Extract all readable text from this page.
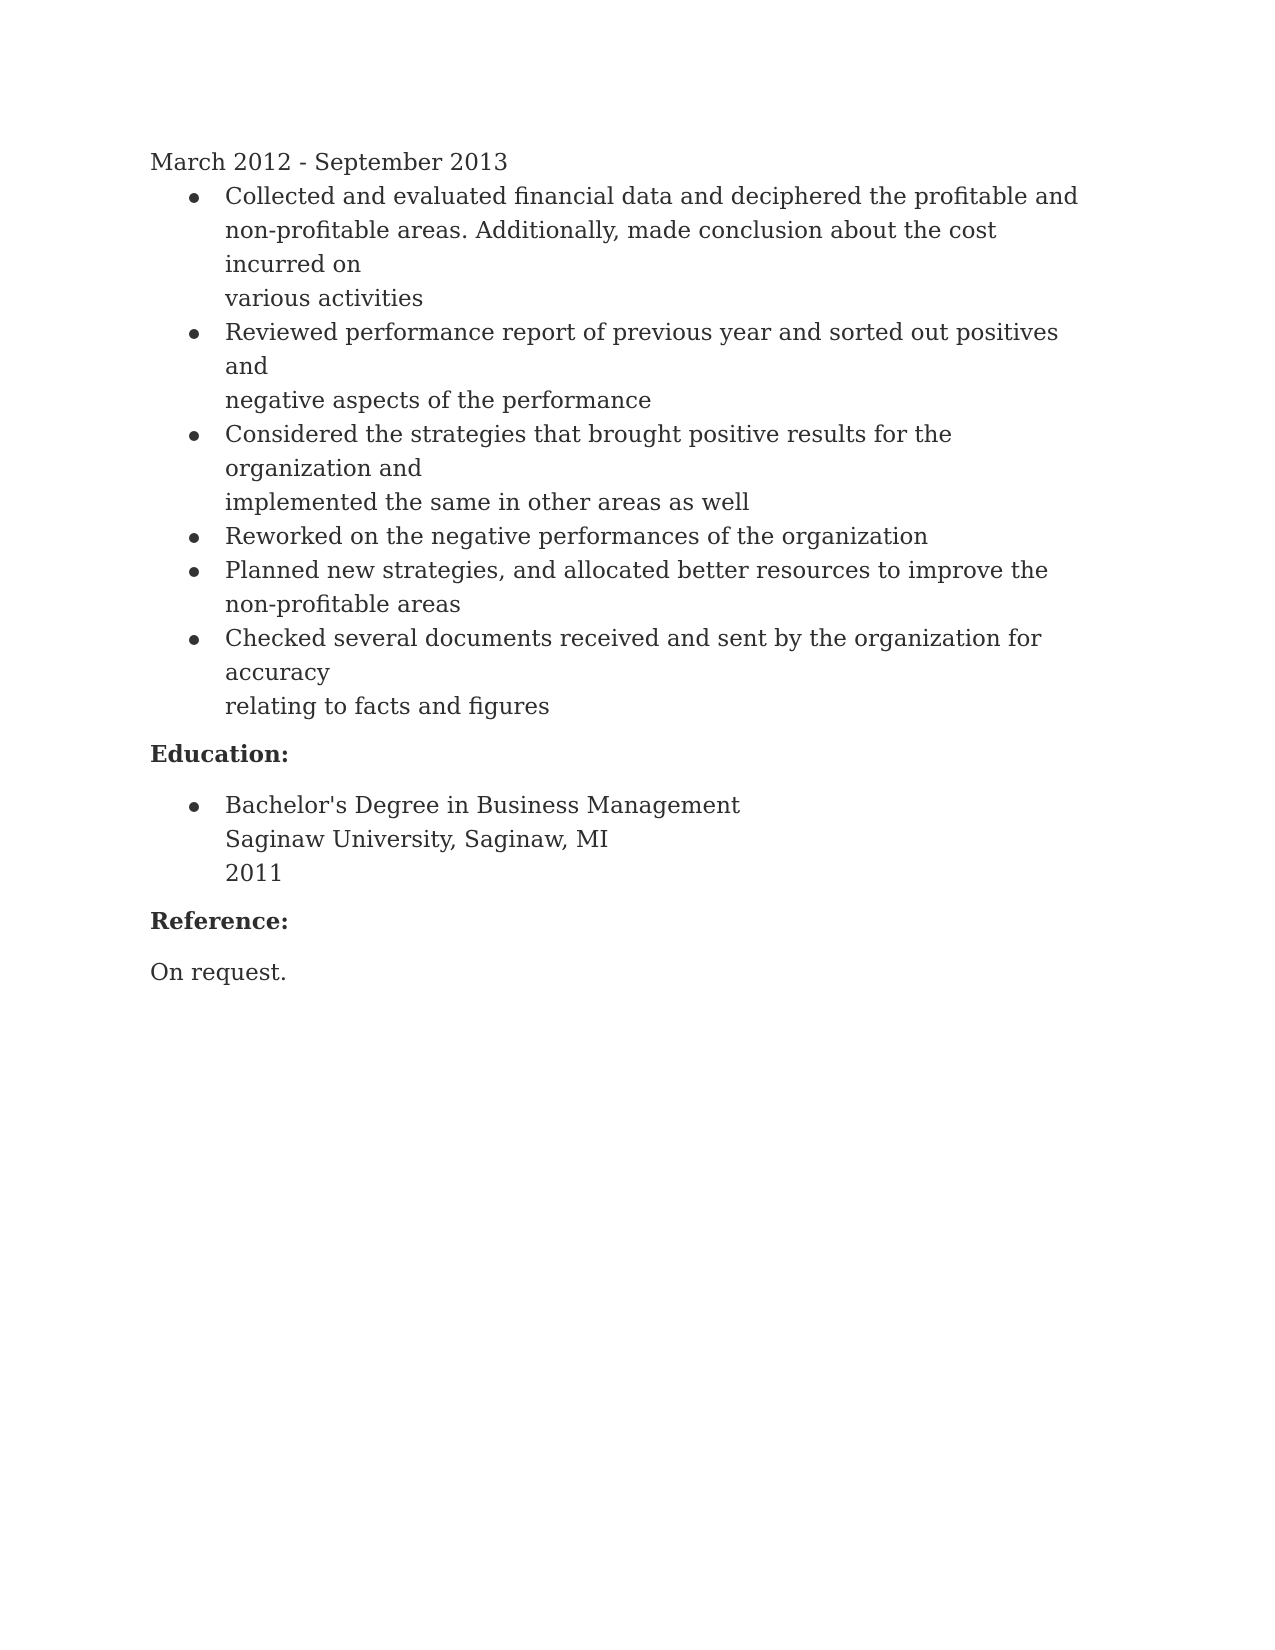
March 2012 - September 2013

Collected and evaluated financial data and deciphered the profitable and
non-profitable areas. Additionally, made conclusion about the cost incurred on
various activities
Reviewed performance report of previous year and sorted out positives and
negative aspects of the performance
Considered the strategies that brought positive results for the organization and
implemented the same in other areas as well
Reworked on the negative performances of the organization
Planned new strategies, and allocated better resources to improve the
non-profitable areas
Checked several documents received and sent by the organization for accuracy
relating to facts and figures
Education:
Bachelor's Degree in Business Management
Saginaw University, Saginaw, MI
2011
Reference:

On request.
